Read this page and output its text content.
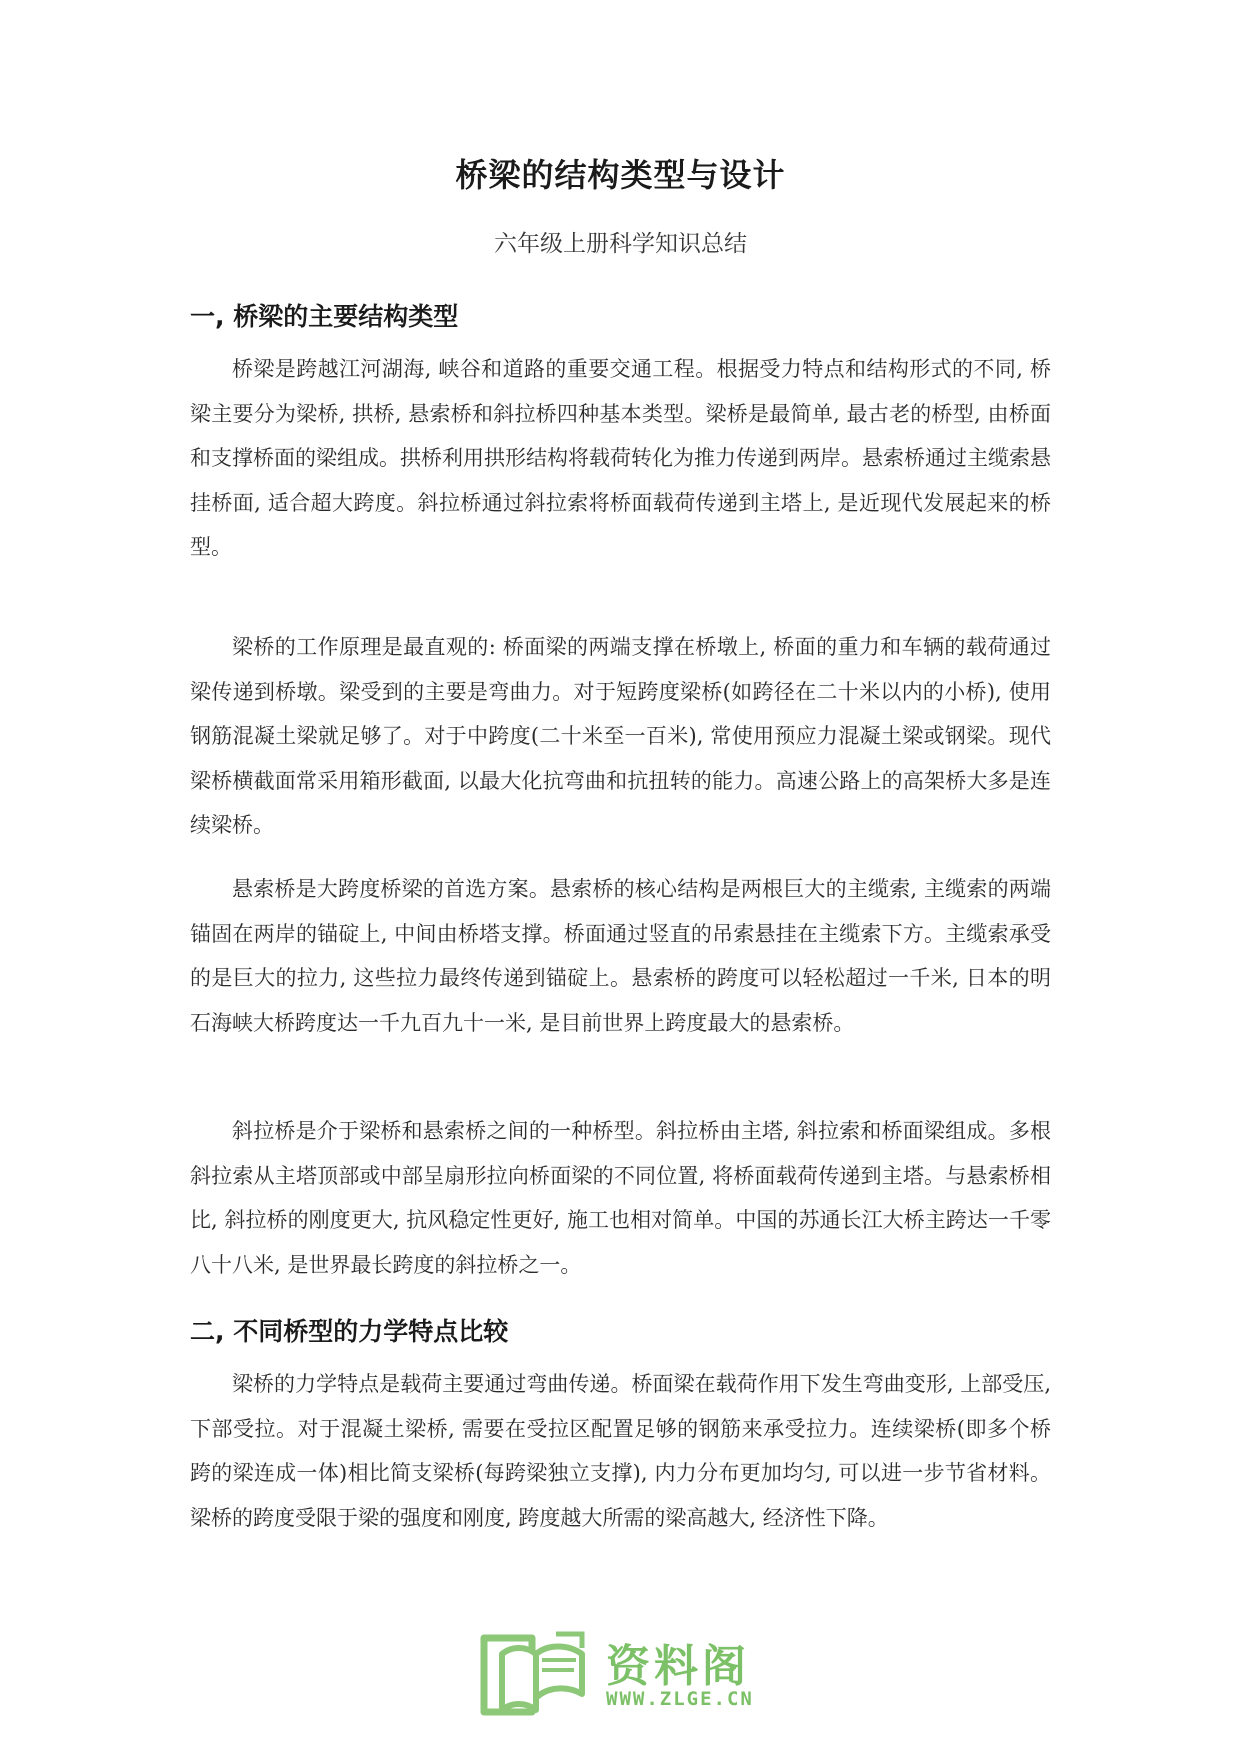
桥梁的结构类型与设计
六年级上册科学知识总结
一, 桥梁的主要结构类型

桥梁是跨越江河湖海, 峡谷和道路的重要交通工程。根据受力特点和结构形式的不同, 桥梁主要分为梁桥, 拱桥, 悬索桥和斜拉桥四种基本类型。梁桥是最简单, 最古老的桥型, 由桥面和支撑桥面的梁组成。拱桥利用拱形结构将载荷转化为推力传递到两岸。悬索桥通过主缆索悬挂桥面, 适合超大跨度。斜拉桥通过斜拉索将桥面载荷传递到主塔上, 是近现代发展起来的桥型。

梁桥的工作原理是最直观的: 桥面梁的两端支撑在桥墩上, 桥面的重力和车辆的载荷通过梁传递到桥墩。梁受到的主要是弯曲力。对于短跨度梁桥(如跨径在二十米以内的小桥), 使用钢筋混凝土梁就足够了。对于中跨度(二十米至一百米), 常使用预应力混凝土梁或钢梁。现代梁桥横截面常采用箱形截面, 以最大化抗弯曲和抗扭转的能力。高速公路上的高架桥大多是连续梁桥。

悬索桥是大跨度桥梁的首选方案。悬索桥的核心结构是两根巨大的主缆索, 主缆索的两端锚固在两岸的锚碇上, 中间由桥塔支撑。桥面通过竖直的吊索悬挂在主缆索下方。主缆索承受的是巨大的拉力, 这些拉力最终传递到锚碇上。悬索桥的跨度可以轻松超过一千米, 日本的明石海峡大桥跨度达一千九百九十一米, 是目前世界上跨度最大的悬索桥。

斜拉桥是介于梁桥和悬索桥之间的一种桥型。斜拉桥由主塔, 斜拉索和桥面梁组成。多根斜拉索从主塔顶部或中部呈扇形拉向桥面梁的不同位置, 将桥面载荷传递到主塔。与悬索桥相比, 斜拉桥的刚度更大, 抗风稳定性更好, 施工也相对简单。中国的苏通长江大桥主跨达一千零八十八米, 是世界最长跨度的斜拉桥之一。

二, 不同桥型的力学特点比较

梁桥的力学特点是载荷主要通过弯曲传递。桥面梁在载荷作用下发生弯曲变形, 上部受压, 下部受拉。对于混凝土梁桥, 需要在受拉区配置足够的钢筋来承受拉力。连续梁桥(即多个桥跨的梁连成一体)相比简支梁桥(每跨梁独立支撑), 内力分布更加均匀, 可以进一步节省材料。梁桥的跨度受限于梁的强度和刚度, 跨度越大所需的梁高越大, 经济性下降。

资料阁
WWW.ZLGE.CN
